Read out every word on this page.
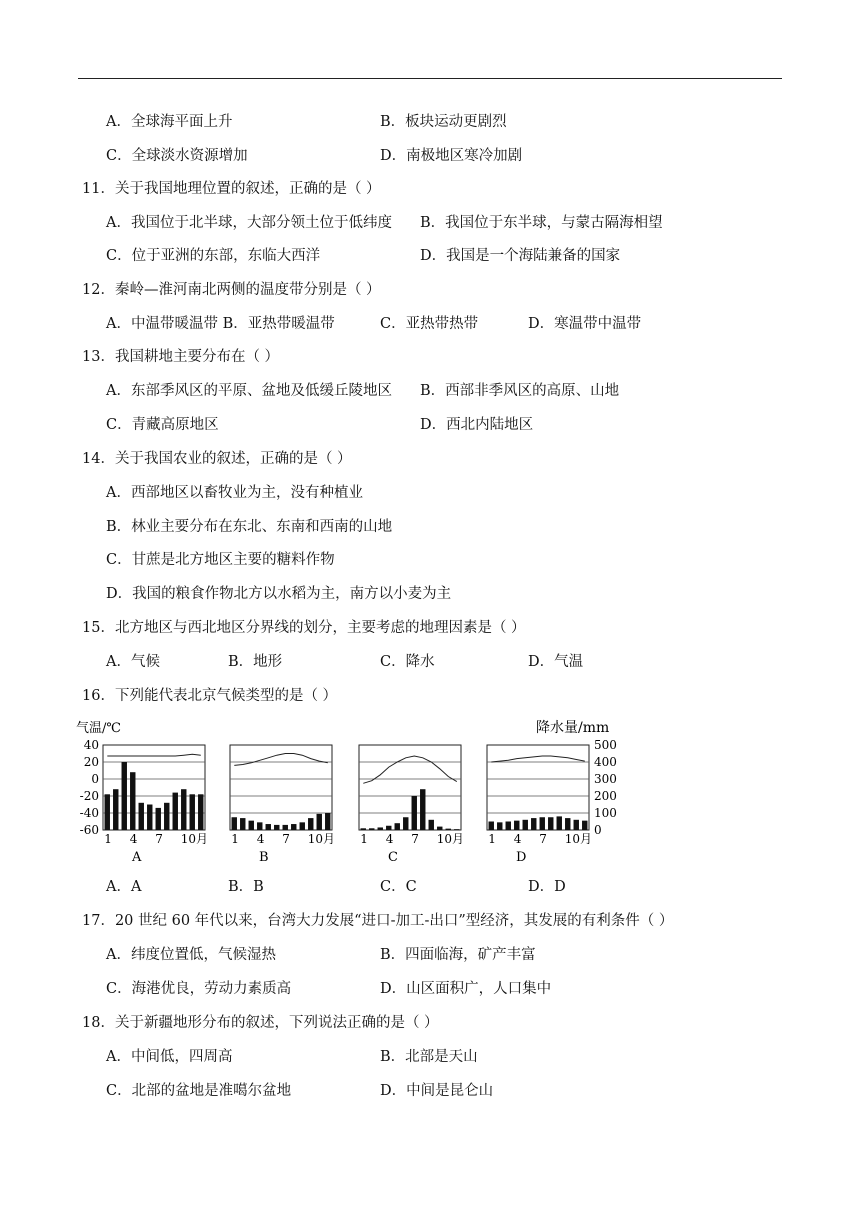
A．全球海平面上升	B．板块运动更剧烈
C．全球淡水资源增加	D．南极地区寒冷加剧
11．关于我国地理位置的叙述，正确的是（ ）
A．我国位于北半球，大部分领土位于低纬度 B．我国位于东半球，与蒙古隔海相望
C．位于亚洲的东部，东临大西洋	D．我国是一个海陆兼备的国家
12．秦岭—淮河南北两侧的温度带分别是（ ）
A．中温带暖温带 B．亚热带暖温带	C．亚热带热带	D．寒温带中温带
13．我国耕地主要分布在（ ）
A．东部季风区的平原、盆地及低缓丘陵地区 B．西部非季风区的高原、山地
C．青藏高原地区	D．西北内陆地区
14．关于我国农业的叙述，正确的是（ ）
A．西部地区以畜牧业为主，没有种植业
B．林业主要分布在东北、东南和西南的山地
C．甘蔗是北方地区主要的糖料作物
D．我国的粮食作物北方以水稻为主，南方以小麦为主
15．北方地区与西北地区分界线的划分，主要考虑的地理因素是（ ）
A．气候	B．地形	C．降水	D．气温
16．下列能代表北京气候类型的是（ ）
A．A	B．B	C．C	D．D
17．20 世纪 60 年代以来，台湾大力发展“进口-加工-出口”型经济，其发展的有利条件（ ）
A．纬度位置低，气候湿热	B．四面临海，矿产丰富
C．海港优良，劳动力素质高	D．山区面积广，人口集中
18．关于新疆地形分布的叙述，下列说法正确的是（ ）
A．中间低，四周高	B．北部是天山
C．北部的盆地是准噶尔盆地	D．中间是昆仑山
气温/℃	降水量/mm
40
20
0
-20
-40
-60
500
400
300
200
100
0
1 4 7 10月
A
1 4 7 10月
B
1 4 7 10月
C
1 4 7 10月
D
